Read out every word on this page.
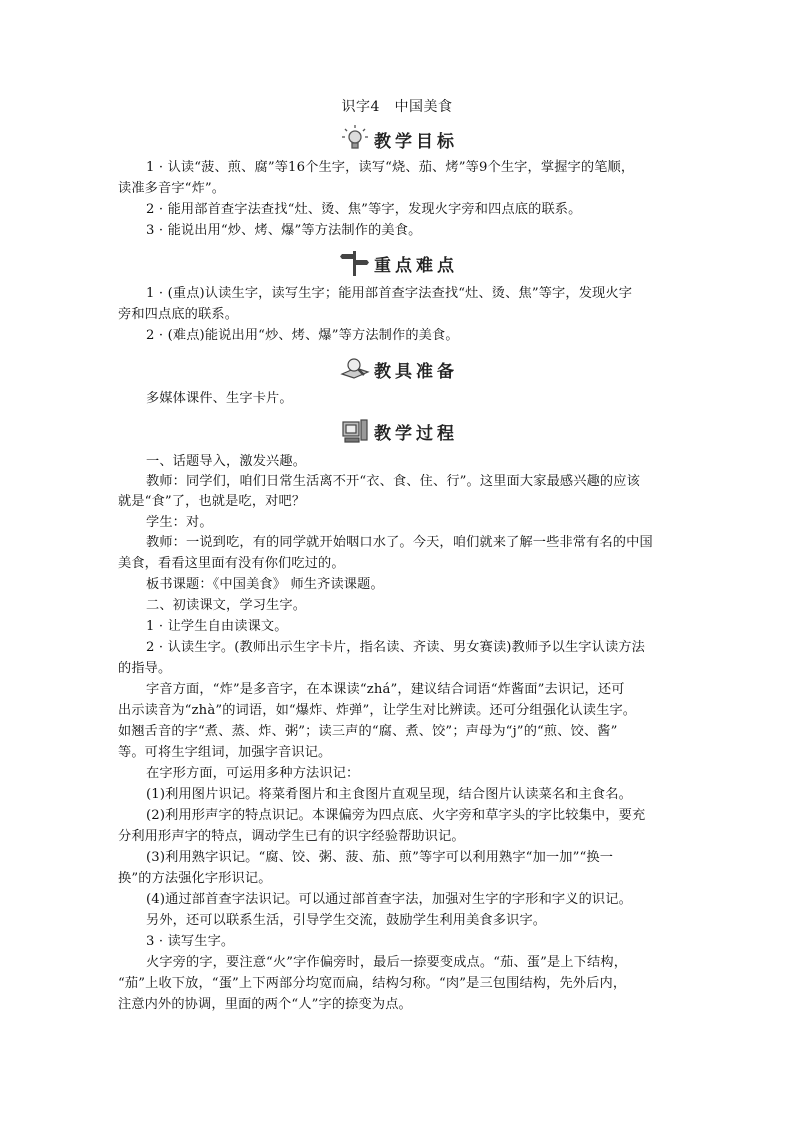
识字4　中国美食
教学目标
1 · 认读“菠、煎、腐”等16个生字，读写“烧、茄、烤”等9个生字，掌握字的笔顺，
读准多音字“炸”。
2 · 能用部首查字法查找“灶、烫、焦”等字，发现火字旁和四点底的联系。
3 · 能说出用“炒、烤、爆”等方法制作的美食。
重点难点
1 · (重点)认读生字，读写生字；能用部首查字法查找“灶、烫、焦”等字，发现火字
旁和四点底的联系。
2 · (难点)能说出用“炒、烤、爆”等方法制作的美食。
教具准备
多媒体课件、生字卡片。
教学过程
一、话题导入，激发兴趣。
教师：同学们，咱们日常生活离不开“衣、食、住、行”。这里面大家最感兴趣的应该
就是“食”了，也就是吃，对吧？
学生：对。
教师：一说到吃，有的同学就开始咽口水了。今天，咱们就来了解一些非常有名的中国
美食，看看这里面有没有你们吃过的。
板书课题：《中国美食》 师生齐读课题。
二、初读课文，学习生字。
1 · 让学生自由读课文。
2 · 认读生字。(教师出示生字卡片，指名读、齐读、男女赛读)教师予以生字认读方法
的指导。
字音方面，“炸”是多音字，在本课读“zhá”，建议结合词语“炸酱面”去识记，还可
出示读音为“zhà”的词语，如“爆炸、炸弹”，让学生对比辨读。还可分组强化认读生字。
如翘舌音的字“煮、蒸、炸、粥”；读三声的“腐、煮、饺”；声母为“j”的“煎、饺、酱”
等。可将生字组词，加强字音识记。
在字形方面，可运用多种方法识记：
(1)利用图片识记。将菜肴图片和主食图片直观呈现，结合图片认读菜名和主食名。
(2)利用形声字的特点识记。本课偏旁为四点底、火字旁和草字头的字比较集中，要充
分利用形声字的特点，调动学生已有的识字经验帮助识记。
(3)利用熟字识记。“腐、饺、粥、菠、茄、煎”等字可以利用熟字“加一加”“换一
换”的方法强化字形识记。
(4)通过部首查字法识记。可以通过部首查字法，加强对生字的字形和字义的识记。
另外，还可以联系生活，引导学生交流，鼓励学生利用美食多识字。
3 · 读写生字。
火字旁的字，要注意“火”字作偏旁时，最后一捺要变成点。“茄、蛋”是上下结构，
“茄”上收下放，“蛋”上下两部分均宽而扁，结构匀称。“肉”是三包围结构，先外后内，
注意内外的协调，里面的两个“人”字的捺变为点。
